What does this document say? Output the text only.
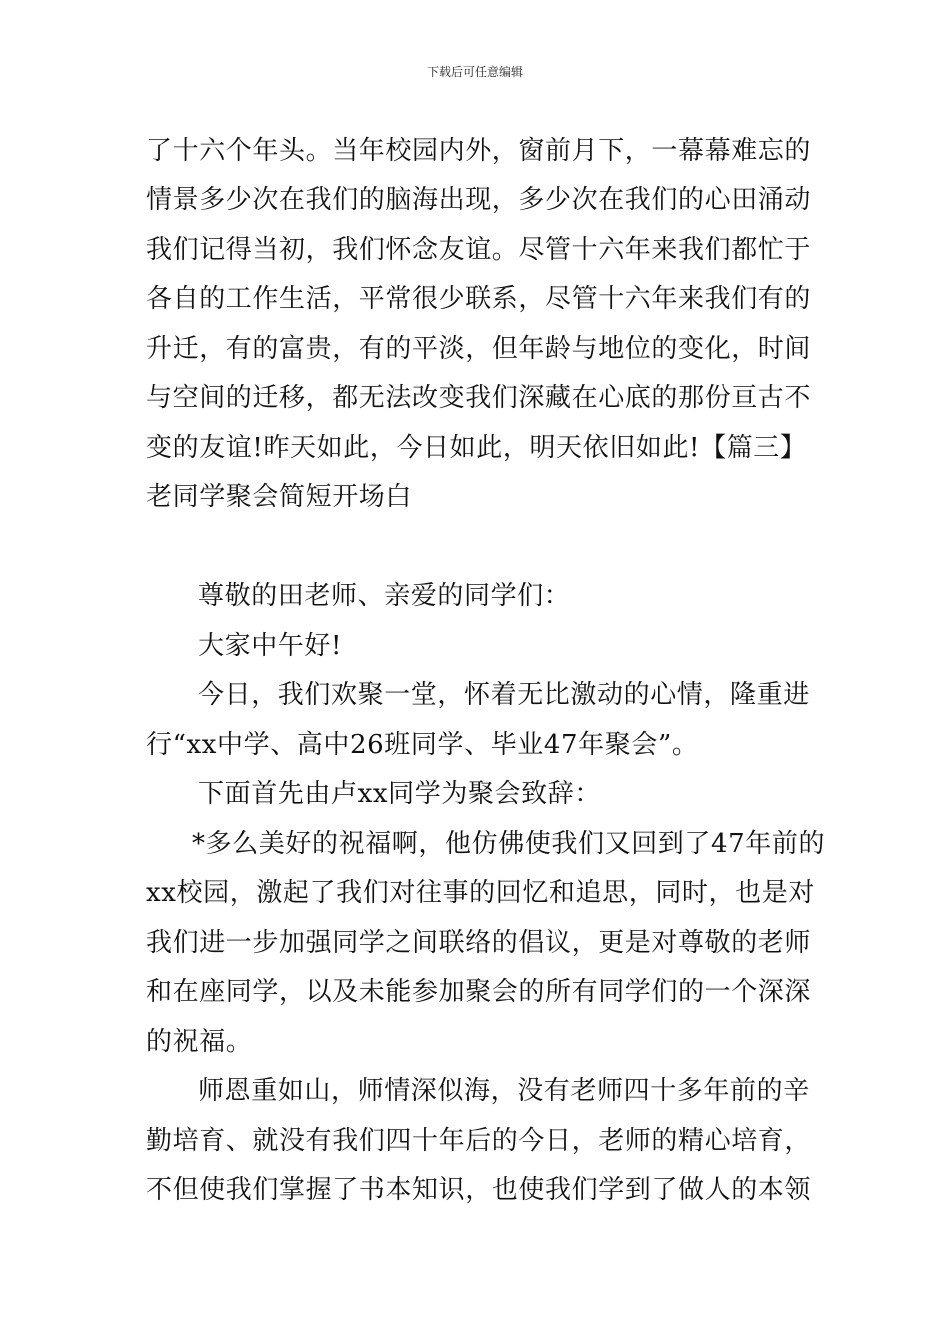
下载后可任意编辑
了十六个年头。当年校园内外，窗前月下，一幕幕难忘的
情景多少次在我们的脑海出现，多少次在我们的心田涌动
我们记得当初，我们怀念友谊。尽管十六年来我们都忙于
各自的工作生活，平常很少联系，尽管十六年来我们有的
升迁，有的富贵，有的平淡，但年龄与地位的变化，时间
与空间的迁移，都无法改变我们深藏在心底的那份亘古不
变的友谊!昨天如此，今日如此，明天依旧如此!【篇三】
老同学聚会简短开场白
尊敬的田老师、亲爱的同学们：
大家中午好!
今日，我们欢聚一堂，怀着无比激动的心情，隆重进
行“xx中学、高中26班同学、毕业47年聚会”。
下面首先由卢xx同学为聚会致辞：
*多么美好的祝福啊，他仿佛使我们又回到了47年前的
xx校园，激起了我们对往事的回忆和追思，同时，也是对
我们进一步加强同学之间联络的倡议，更是对尊敬的老师
和在座同学，以及未能参加聚会的所有同学们的一个深深
的祝福。
师恩重如山，师情深似海，没有老师四十多年前的辛
勤培育、就没有我们四十年后的今日，老师的精心培育，
不但使我们掌握了书本知识，也使我们学到了做人的本领
